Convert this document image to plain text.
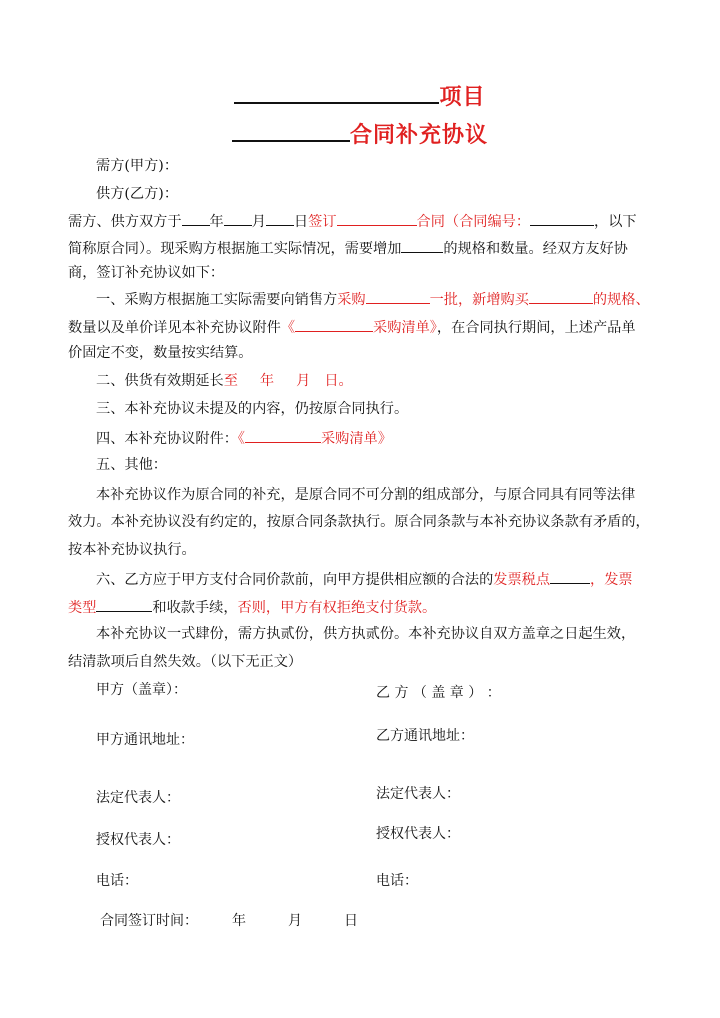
项目
合同补充协议
需方(甲方)：
供方(乙方)：
需方、供方双方于 年 月 日签订	合同（合同编号：	，以下
简称原合同）。现采购方根据施工实际情况，需要增加	的规格和数量。经双方友好协
商，签订补充协议如下：
一、采购方根据施工实际需要向销售方采购	一批，新增购买	的规格、
数量以及单价详见本补充协议附件《	采购清单》，在合同执行期间，上述产品单
价固定不变，数量按实结算。
二、供货有效期延长至 年 月 日。
三、本补充协议未提及的内容，仍按原合同执行。
四、本补充协议附件：《	采购清单》
五、其他：
本补充协议作为原合同的补充，是原合同不可分割的组成部分，与原合同具有同等法律
效力。本补充协议没有约定的，按原合同条款执行。原合同条款与本补充协议条款有矛盾的，
按本补充协议执行。
六、乙方应于甲方支付合同价款前，向甲方提供相应额的合法的发票税点	，发票
类型	和收款手续，否则，甲方有权拒绝支付货款。
本补充协议一式肆份，需方执贰份，供方执贰份。本补充协议自双方盖章之日起生效，
结清款项后自然失效。（以下无正文）
甲方（盖章）：	乙 方 （ 盖 章 ） ：
甲方通讯地址：	乙方通讯地址：
法定代表人：	法定代表人：
授权代表人：	授权代表人：
电话：	电话：
合同签订时间： 年	月	日
